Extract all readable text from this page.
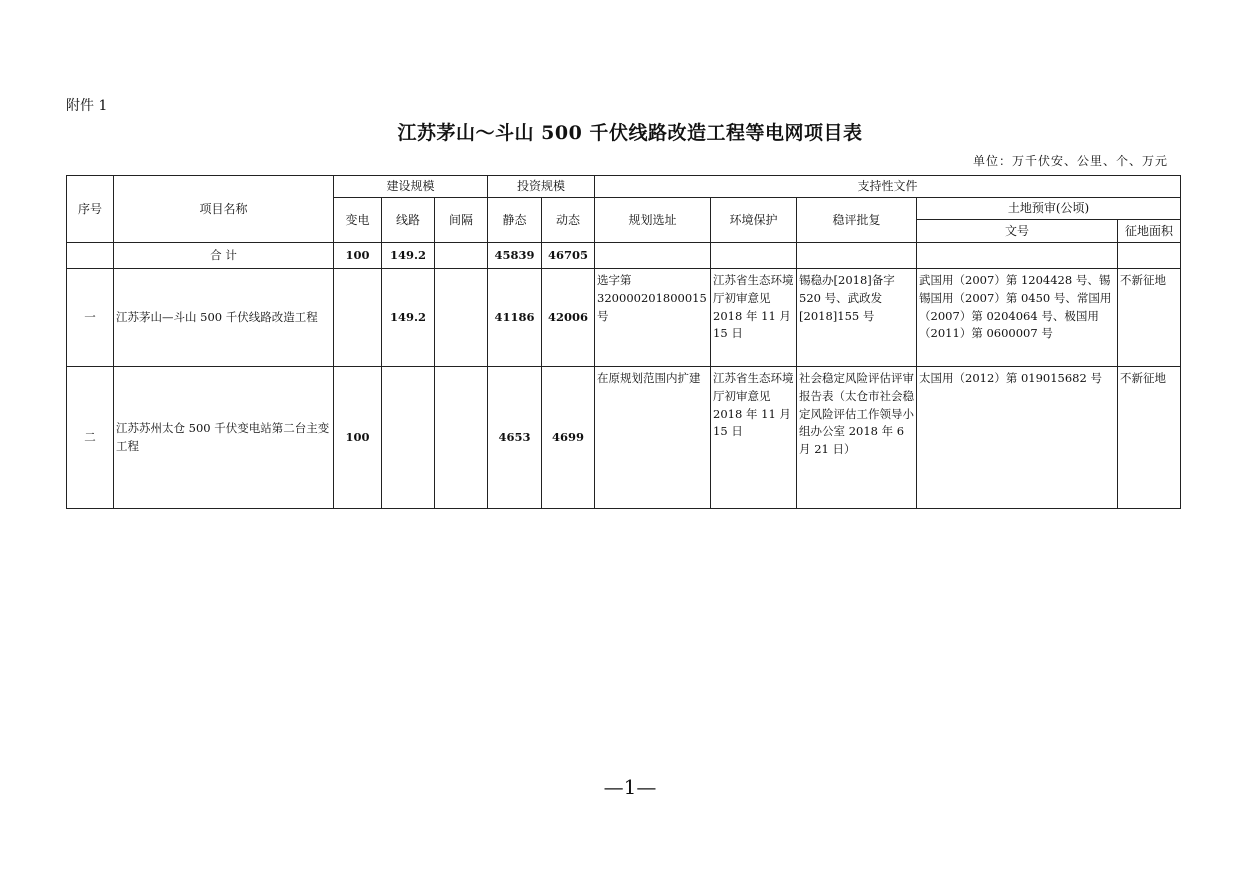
附件 1
江苏茅山～斗山 500 千伏线路改造工程等电网项目表
单位：万千伏安、公里、个、万元
序号	项目名称	建设规模			投资规模		支持性文件				
		变电	线路	间隔	静态	动态	规划选址	环境保护	稳评批复	土地预审(公顷)	
										文号	征地面积
	合 计	100	149.2		45839	46705					
一	江苏茅山—斗山 500 千伏线路改造工程		149.2		41186	42006	选字第 320000201800015 号	江苏省生态环境厅初审意见 2018 年 11 月 15 日	锡稳办[2018]备字 520 号、武政发 [2018]155 号	武国用（2007）第 1204428 号、锡锡国用（2007）第 0450 号、常国用（2007）第 0204064 号、极国用（2011）第 0600007 号	不新征地
二	江苏苏州太仓 500 千伏变电站第二台主变工程	100			4653	4699	在原规划范围内扩建	江苏省生态环境厅初审意见 2018 年 11 月 15 日	社会稳定风险评估评审报告表（太仓市社会稳定风险评估工作领导小组办公室 2018 年 6 月 21 日）	太国用（2012）第 019015682 号	不新征地
—1—
